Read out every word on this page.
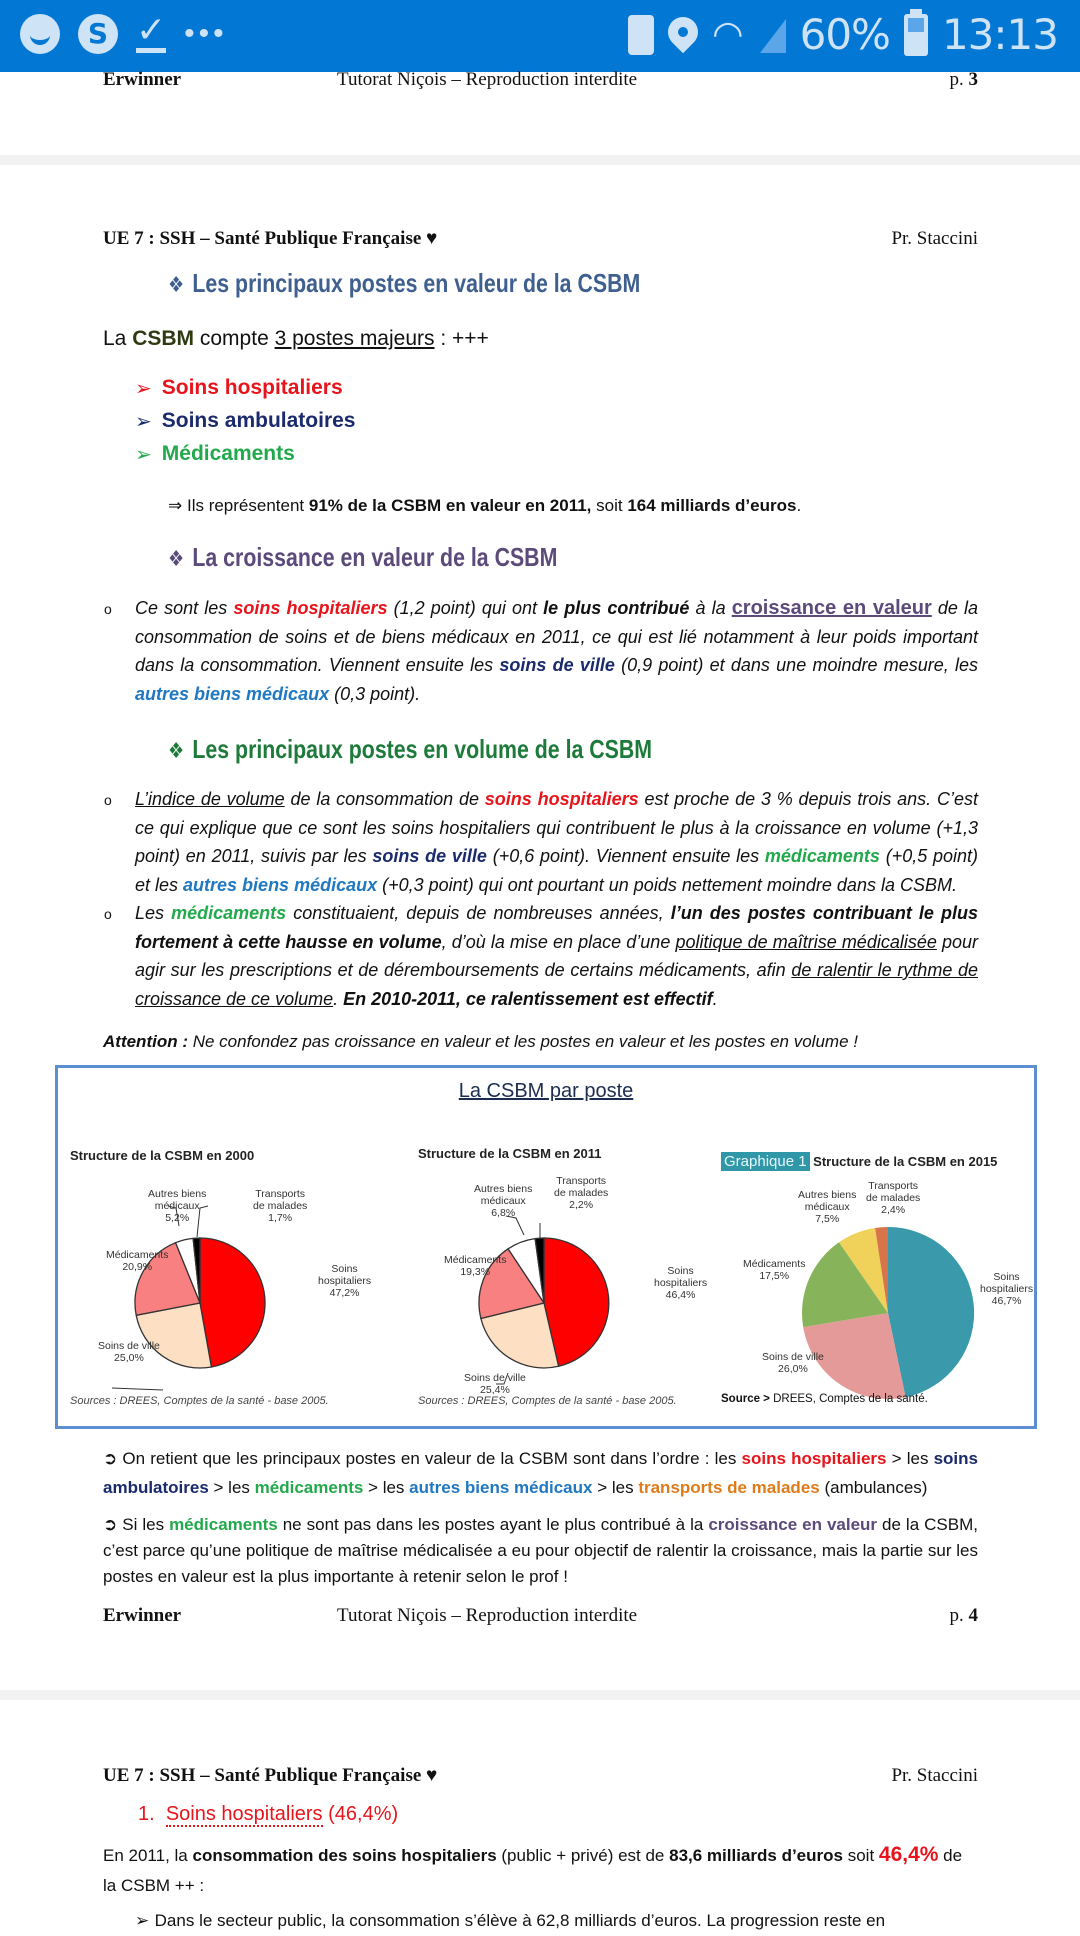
S
✓ •••	◠ 60% 13:13
Erwinner	Tutorat Niçois – Reproduction interdite	p. 3
UE 7 : SSH – Santé Publique Française ♥	Pr. Staccini
❖ Les principaux postes en valeur de la CSBM
La CSBM compte 3 postes majeurs : +++
➢ Soins hospitaliers
➢ Soins ambulatoires
➢ Médicaments
⇒ Ils représentent 91% de la CSBM en valeur en 2011, soit 164 milliards d’euros.
❖ La croissance en valeur de la CSBM
o Ce sont les soins hospitaliers (1,2 point) qui ont le plus contribué à la croissance en valeur de la consommation de soins et de biens médicaux en 2011, ce qui est lié notamment à leur poids important dans la consommation. Viennent ensuite les soins de ville (0,9 point) et dans une moindre mesure, les autres biens médicaux (0,3 point).
❖ Les principaux postes en volume de la CSBM
o L’indice de volume de la consommation de soins hospitaliers est proche de 3 % depuis trois ans. C’est ce qui explique que ce sont les soins hospitaliers qui contribuent le plus à la croissance en volume (+1,3 point) en 2011, suivis par les soins de ville (+0,6 point). Viennent ensuite les médicaments (+0,5 point) et les autres biens médicaux (+0,3 point) qui ont pourtant un poids nettement moindre dans la CSBM.
o Les médicaments constituaient, depuis de nombreuses années, l’un des postes contribuant le plus fortement à cette hausse en volume, d’où la mise en place d’une politique de maîtrise médicalisée pour agir sur les prescriptions et de déremboursements de certains médicaments, afin de ralentir le rythme de croissance de ce volume. En 2010-2011, ce ralentissement est effectif.
Attention : Ne confondez pas croissance en valeur et les postes en valeur et les postes en volume !
La CSBM par poste
Structure de la CSBM en 2000
Autres biens
médicaux
5,2%
Transports
de malades
1,7%
Médicaments
20,9%	Soins
hospitaliers
47,2%
Soins de ville
25,0%
Sources : DREES, Comptes de la santé - base 2005.
Structure de la CSBM en 2011
Autres biens
médicaux
6,8%
Transports
de malades
2,2%
Médicaments
19,3%	Soins
hospitaliers
46,4%
Soins de ville
25,4%
Sources : DREES, Comptes de la santé - base 2005.
Graphique 1 Structure de la CSBM en 2015
Autres biens
médicaux
7,5%
Transports
de malades
2,4%
Médicaments
17,5%	Soins
hospitaliers
46,7%
Soins de ville
26,0%
Source > DREES, Comptes de la santé.
➲ On retient que les principaux postes en valeur de la CSBM sont dans l’ordre : les soins hospitaliers > les soins ambulatoires > les médicaments > les autres biens médicaux > les transports de malades (ambulances)
➲ Si les médicaments ne sont pas dans les postes ayant le plus contribué à la croissance en valeur de la CSBM, c’est parce qu’une politique de maîtrise médicalisée a eu pour objectif de ralentir la croissance, mais la partie sur les postes en valeur est la plus importante à retenir selon le prof !
Erwinner	Tutorat Niçois – Reproduction interdite	p. 4
UE 7 : SSH – Santé Publique Française ♥	Pr. Staccini
1. Soins hospitaliers (46,4%)
En 2011, la consommation des soins hospitaliers (public + privé) est de 83,6 milliards d’euros soit 46,4% de la CSBM ++ :
➢ Dans le secteur public, la consommation s’élève à 62,8 milliards d’euros. La progression reste en
